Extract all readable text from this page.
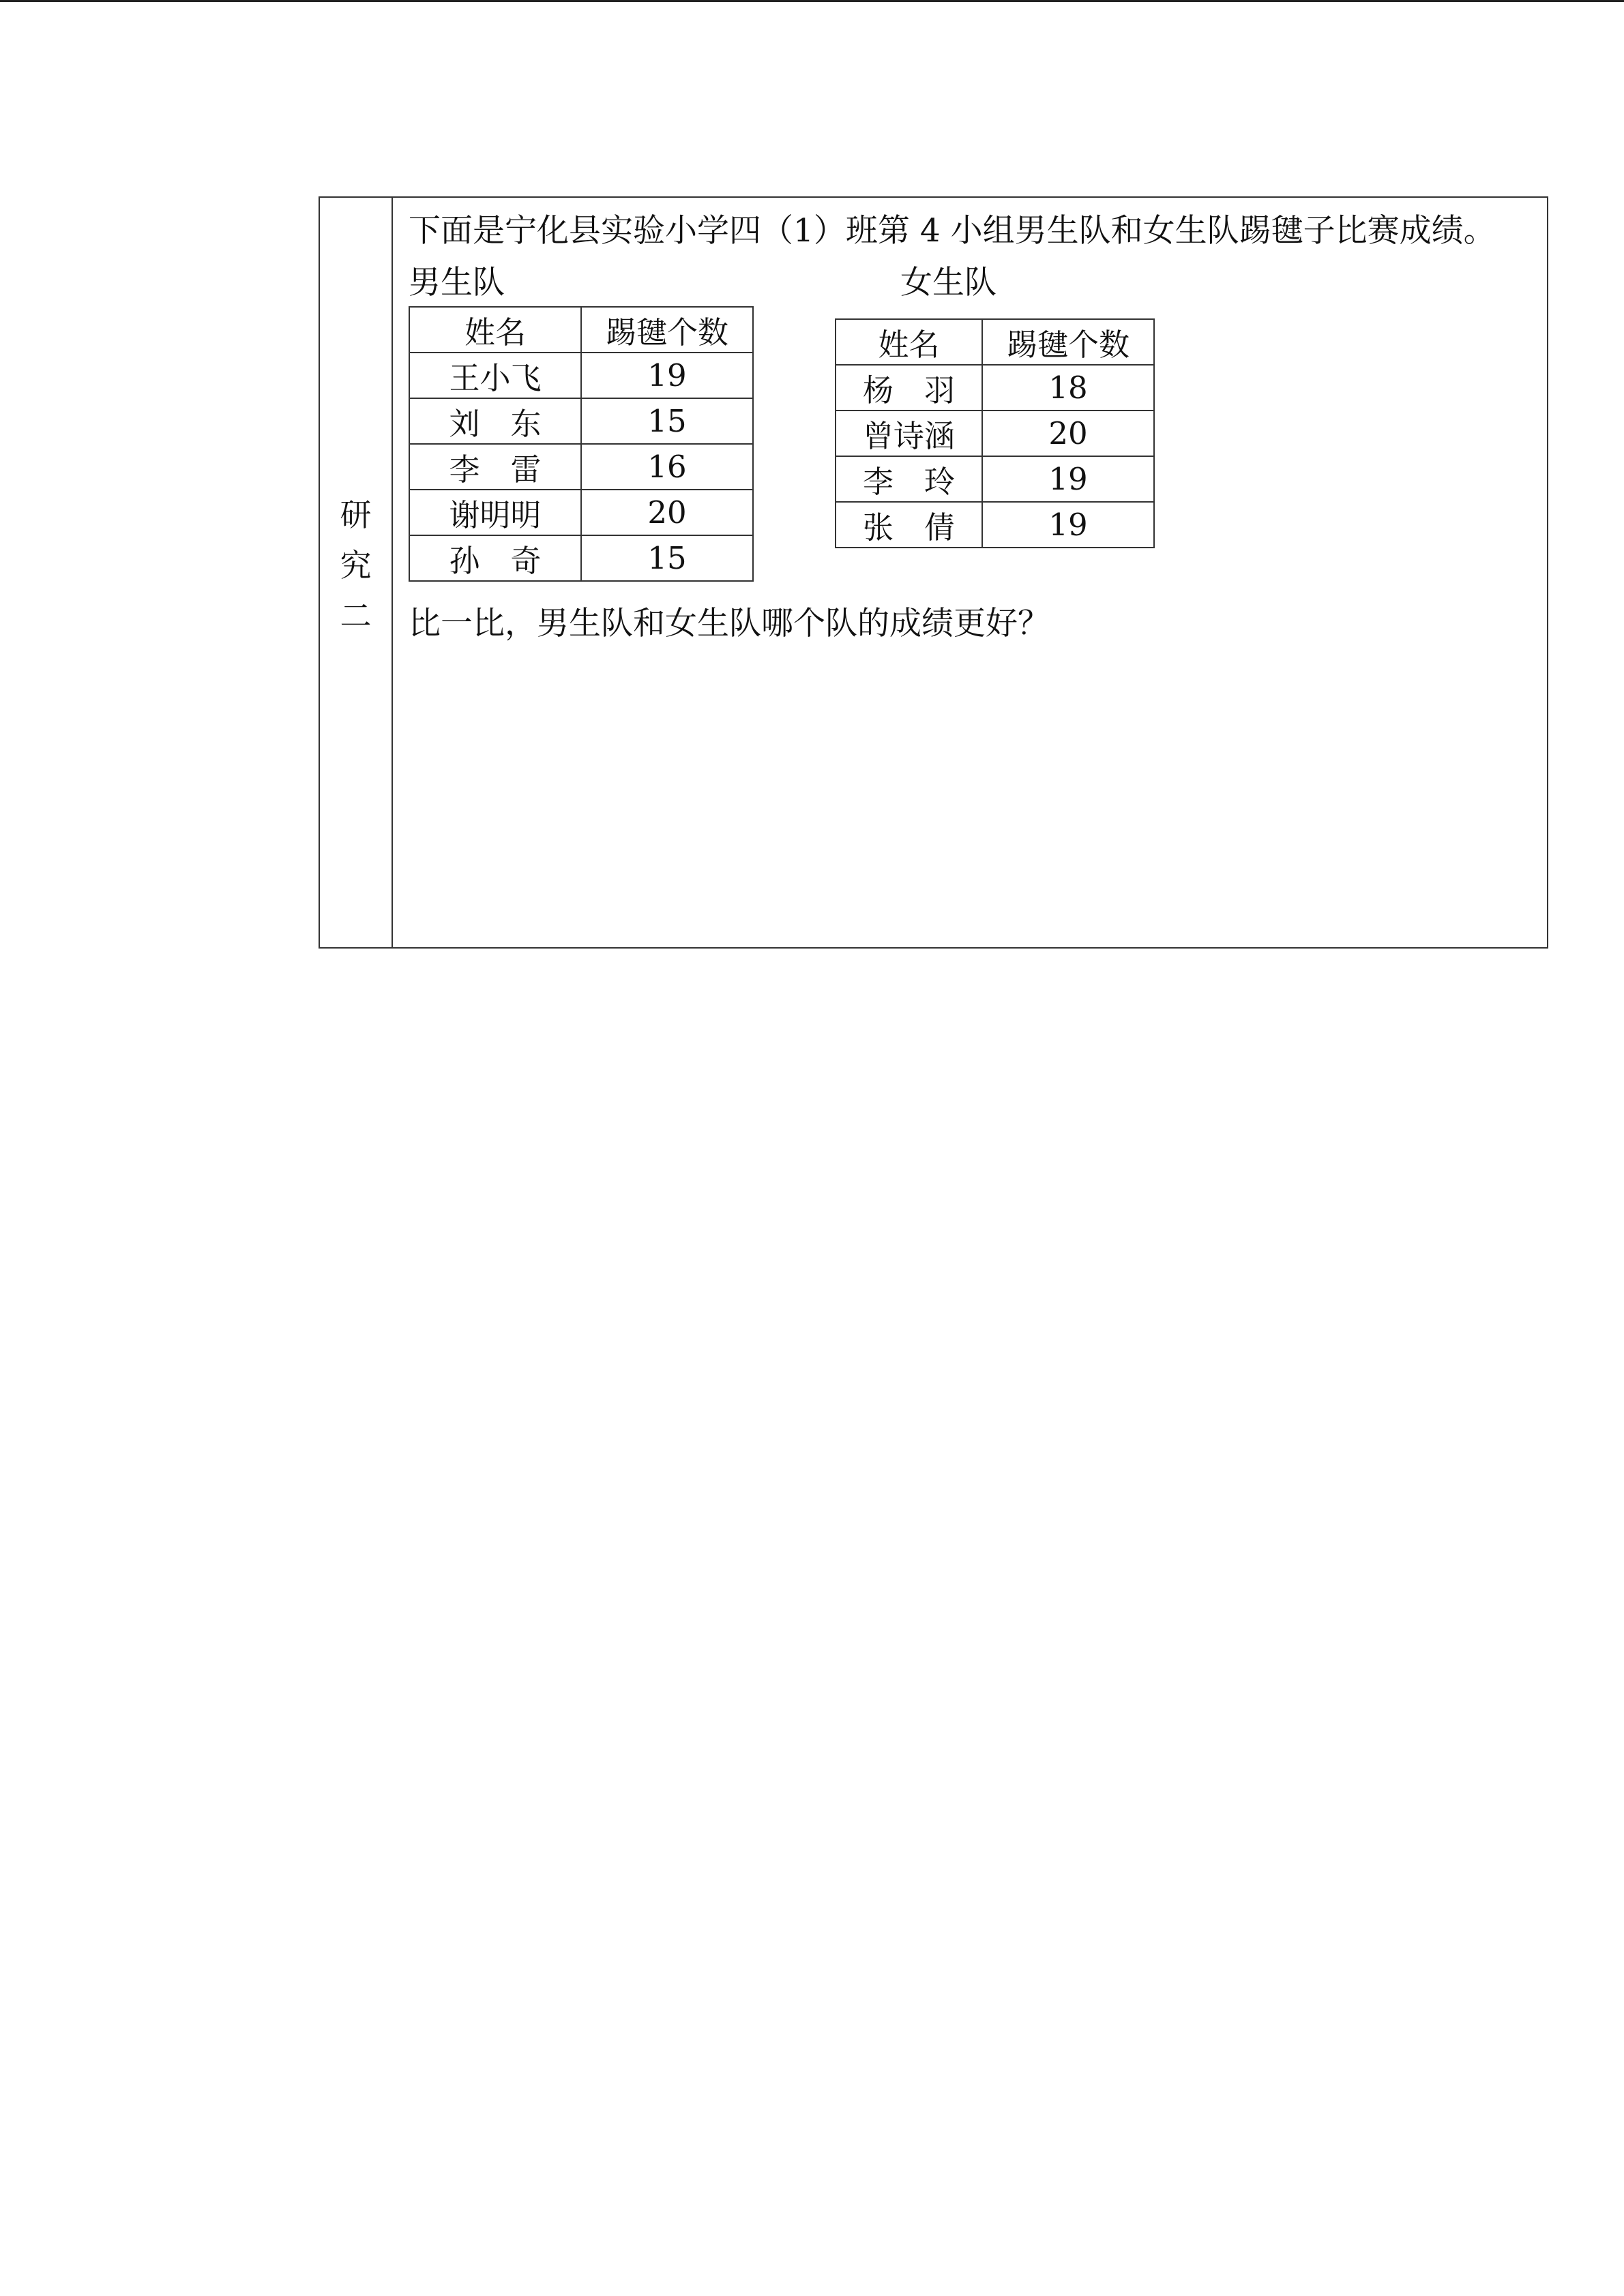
研
究
二
下面是宁化县实验小学四（1）班第 4 小组男生队和女生队踢毽子比赛成绩。
男生队	女生队
姓名	踢毽个数
王小飞	19
刘　东	15
李　雷	16
谢明明	20
孙　奇	15
姓名	踢毽个数
杨　羽	18
曾诗涵	20
李　玲	19
张　倩	19
比一比，男生队和女生队哪个队的成绩更好？
